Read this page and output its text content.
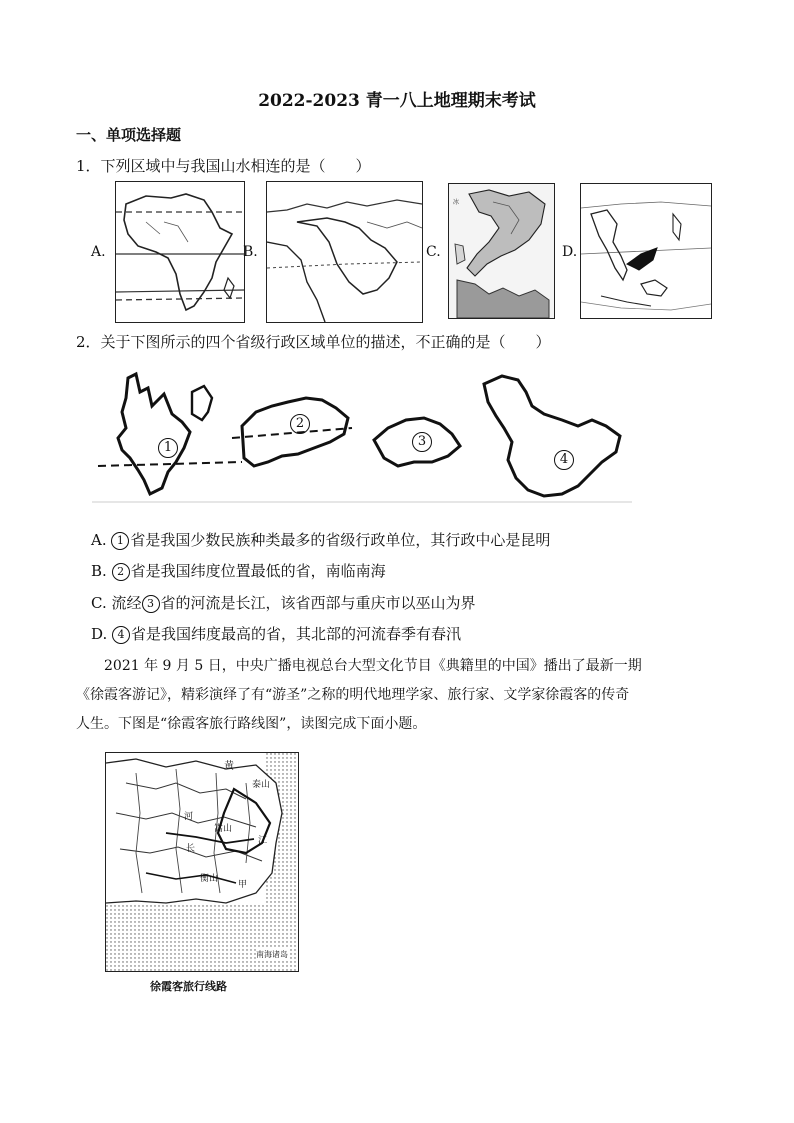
2022-2023 青一八上地理期末考试
一、单项选择题
1．下列区域中与我国山水相连的是（　　）
A.	B.	C.
冰
D.
2．关于下图所示的四个省级行政区域单位的描述，不正确的是（　　）
1
2
3
4
A. 1 省是我国少数民族种类最多的省级行政单位，其行政中心是昆明
B. 2 省是我国纬度位置最低的省，南临南海
C. 流经 3 省的河流是长江，该省西部与重庆市以巫山为界
D. 4 省是我国纬度最高的省，其北部的河流春季有春汛
2021 年 9 月 5 日，中央广播电视总台大型文化节目《典籍里的中国》播出了最新一期
《徐霞客游记》，精彩演绎了有“游圣”之称的明代地理学家、旅行家、文学家徐霞客的传奇
人生。下图是“徐霞客旅行路线图”，读图完成下面小题。
黄
泰山
嵩山
衡山
江
甲
河
长
南海诸岛
徐霞客旅行线路
